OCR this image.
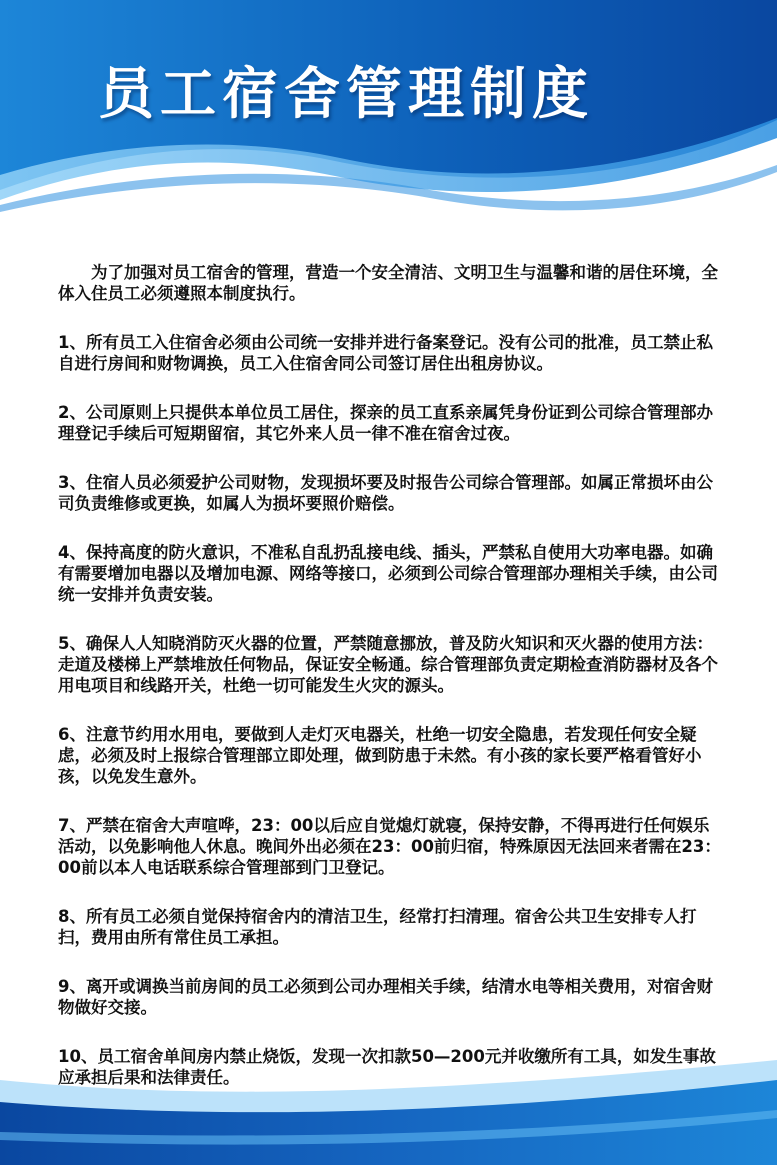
员工宿舍管理制度

为了加强对员工宿舍的管理，营造一个安全清洁、文明卫生与温馨和谐的居住环境，全体入住员工必须遵照本制度执行。

1、所有员工入住宿舍必须由公司统一安排并进行备案登记。没有公司的批准，员工禁止私自进行房间和财物调换，员工入住宿舍同公司签订居住出租房协议。

2、公司原则上只提供本单位员工居住，探亲的员工直系亲属凭身份证到公司综合管理部办理登记手续后可短期留宿，其它外来人员一律不准在宿舍过夜。

3、住宿人员必须爱护公司财物，发现损坏要及时报告公司综合管理部。如属正常损坏由公司负责维修或更换，如属人为损坏要照价赔偿。

4、保持高度的防火意识，不准私自乱扔乱接电线、插头，严禁私自使用大功率电器。如确有需要增加电器以及增加电源、网络等接口，必须到公司综合管理部办理相关手续，由公司统一安排并负责安装。

5、确保人人知晓消防灭火器的位置，严禁随意挪放，普及防火知识和灭火器的使用方法：走道及楼梯上严禁堆放任何物品，保证安全畅通。综合管理部负责定期检查消防器材及各个用电项目和线路开关，杜绝一切可能发生火灾的源头。

6、注意节约用水用电，要做到人走灯灭电器关，杜绝一切安全隐患，若发现任何安全疑虑，必须及时上报综合管理部立即处理，做到防患于未然。有小孩的家长要严格看管好小孩，以免发生意外。

7、严禁在宿舍大声喧哗，23：00以后应自觉熄灯就寝，保持安静，不得再进行任何娱乐活动，以免影响他人休息。晚间外出必须在23：00前归宿，特殊原因无法回来者需在23：00前以本人电话联系综合管理部到门卫登记。

8、所有员工必须自觉保持宿舍内的清洁卫生，经常打扫清理。宿舍公共卫生安排专人打扫，费用由所有常住员工承担。

9、离开或调换当前房间的员工必须到公司办理相关手续，结清水电等相关费用，对宿舍财物做好交接。

10、员工宿舍单间房内禁止烧饭，发现一次扣款50—200元并收缴所有工具，如发生事故应承担后果和法律责任。
